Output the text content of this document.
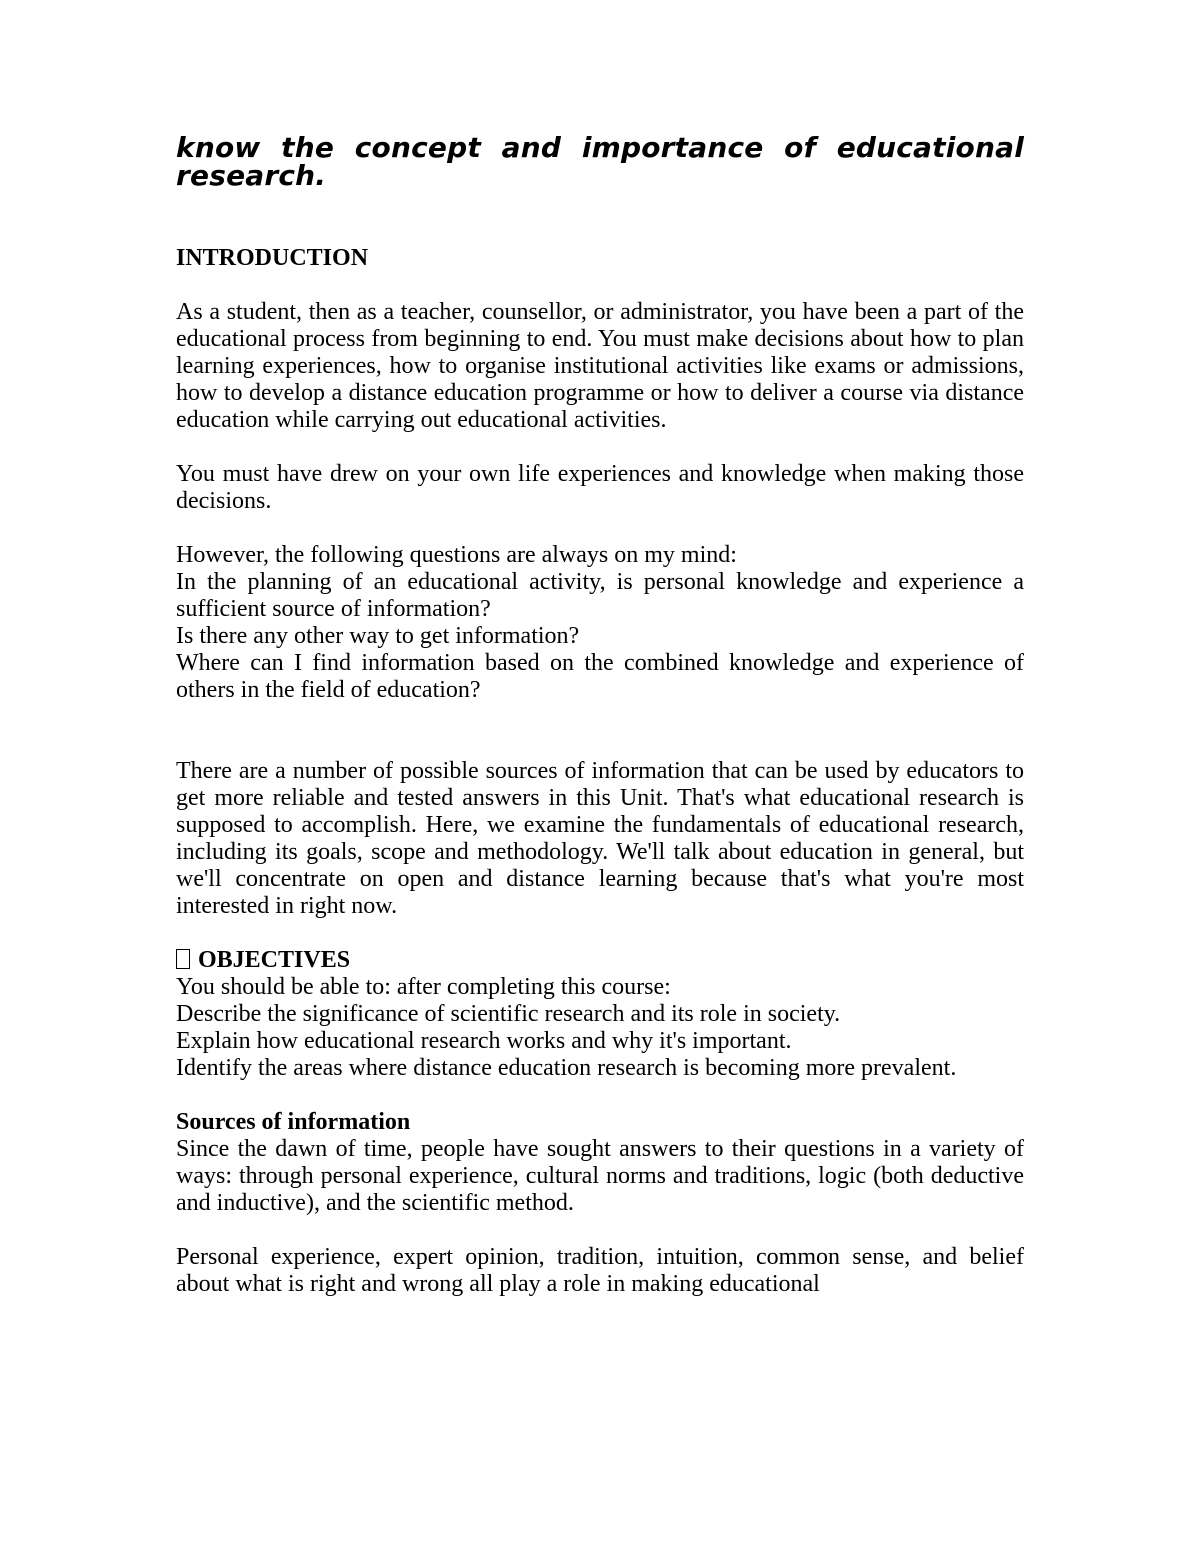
know the concept and importance of educational research.
INTRODUCTION

As a student, then as a teacher, counsellor, or administrator, you have been a part of the educational process from beginning to end. You must make decisions about how to plan learning experiences, how to organise institutional activities like exams or admissions, how to develop a distance education programme or how to deliver a course via distance education while carrying out educational activities.

You must have drew on your own life experiences and knowledge when making those decisions.

However, the following questions are always on my mind:
In the planning of an educational activity, is personal knowledge and experience a sufficient source of information?
Is there any other way to get information?
Where can I find information based on the combined knowledge and experience of others in the field of education?

There are a number of possible sources of information that can be used by educators to get more reliable and tested answers in this Unit. That's what educational research is supposed to accomplish. Here, we examine the fundamentals of educational research, including its goals, scope and methodology. We'll talk about education in general, but we'll concentrate on open and distance learning because that's what you're most interested in right now.

OBJECTIVES
You should be able to: after completing this course:
Describe the significance of scientific research and its role in society.
Explain how educational research works and why it's important.
Identify the areas where distance education research is becoming more prevalent.
Sources of information
Since the dawn of time, people have sought answers to their questions in a variety of ways: through personal experience, cultural norms and traditions, logic (both deductive and inductive), and the scientific method.

Personal experience, expert opinion, tradition, intuition, common sense, and belief about what is right and wrong all play a role in making educational
